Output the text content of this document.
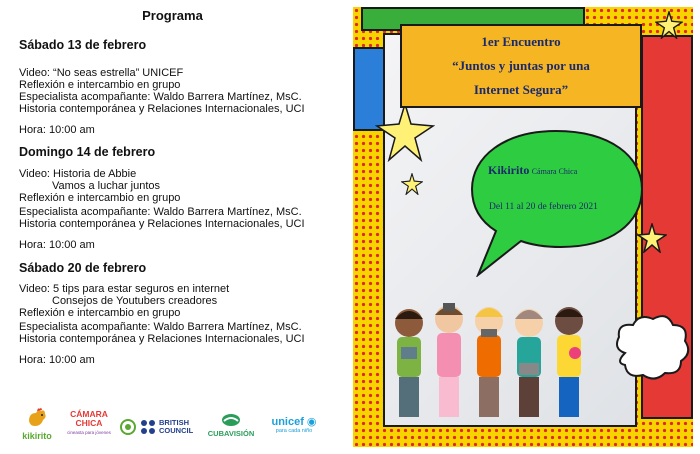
Programa
Sábado 13 de febrero
Video: “No seas estrella” UNICEF
Reflexión e intercambio en grupo
Especialista acompañante: Waldo Barrera Martínez, MsC.
Historia contemporánea y Relaciones Internacionales, UCI
Hora: 10:00 am
Domingo 14 de febrero
Video: Historia de Abbie
Vamos a luchar juntos
Reflexión e intercambio en grupo
Especialista acompañante: Waldo Barrera Martínez, MsC.
Historia contemporánea y Relaciones Internacionales, UCI
Hora: 10:00 am
Sábado 20 de febrero
Video: 5 tips para estar seguros en internet
Consejos de Youtubers creadores
Reflexión e intercambio en grupo
Especialista acompañante: Waldo Barrera Martínez, MsC.
Historia contemporánea y Relaciones Internacionales, UCI
Hora: 10:00 am
kikirito
CÁMARA CHICA
cineasta para jóvenes
BRITISH COUNCIL	CUBAVISIÓN
unicef ◉
para cada niño
1er Encuentro
“Juntos y juntas por una
Internet Segura”
Kikirito Cámara Chica
Del 11 al 20 de febrero 2021
